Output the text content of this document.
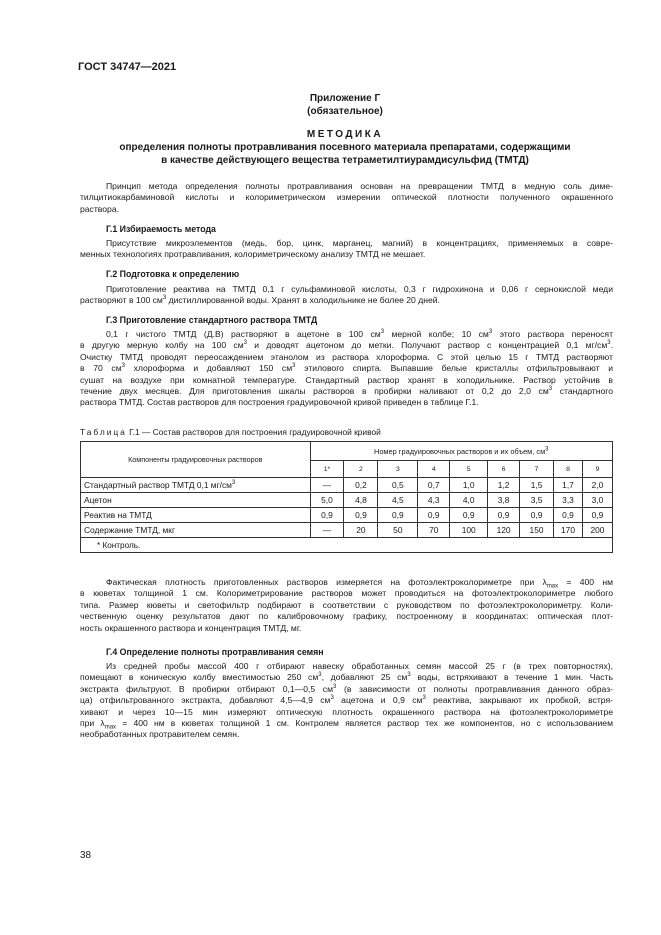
ГОСТ 34747—2021
Приложение Г
(обязательное)
МЕТОДИКА
определения полноты протравливания посевного материала препаратами, содержащими
в качестве действующего вещества тетраметилтиурамдисульфид (ТМТД)
Принцип метода определения полноты протравливания основан на превращении ТМТД в медную соль диме-
тилцитиокарбаминовой кислоты и колориметрическом измерении оптической плотности полученного окрашенного
раствора.
Г.1 Избираемость метода
Присутствие микроэлементов (медь, бор, цинк, марганец, магний) в концентрациях, применяемых в совре-
менных технологиях протравливания, колориметрическому анализу ТМТД не мешает.
Г.2 Подготовка к определению
Приготовление реактива на ТМТД 0,1 г сульфаминовой кислоты, 0,3 г гидрохинона и 0,06 г сернокислой меди
растворяют в 100 $см^3$ дистиллированной воды. Хранят в холодильнике не более 20 дней.
Г.3 Приготовление стандартного раствора ТМТД
0,1 г чистого ТМТД (Д.В) растворяют в ацетоне в 100 $см^3$ мерной колбе; 10 $см^3$ этого раствора переносят
в другую мерную колбу на 100 $см^3$ и доводят ацетоном до метки. Получают раствор с концентрацией 0,1 $мг/см^3$.
Очистку ТМТД проводят переосаждением этанолом из раствора хлороформа. С этой целью 15 г ТМТД растворяют
в 70 $см^3$ хлороформа и добавляют 150 $см^3$ этилового спирта. Выпавшие белые кристаллы отфильтровывают и
сушат на воздухе при комнатной температуре. Стандартный раствор хранят в холодильнике. Раствор устойчив в
течение двух месяцев. Для приготовления шкалы растворов в пробирки наливают от 0,2 до 2,0 $см^3$ стандартного
раствора ТМТД. Состав растворов для построения градуировочной кривой приведен в таблице Г.1.
Таблица Г.1 — Состав растворов для построения градуировочной кривой
Компоненты градуировочных растворов	Номер градуировочных растворов и их объем, $см^3$
	1*	2	3	4	5	6	7	8	9
Стандартный раствор ТМТД 0,1 $мг/см^3$	—	0,2	0,5	0,7	1,0	1,2	1,5	1,7	2,0
Ацетон	5,0	4,8	4,5	4,3	4,0	3,8	3,5	3,3	3,0
Реактив на ТМТД	0,9	0,9	0,9	0,9	0,9	0,9	0,9	0,9	0,9
Содержание ТМТД, мкг	—	20	50	70	100	120	150	170	200
* Контроль.									
Фактическая плотность приготовленных растворов измеряется на фотоэлектроколориметре при $\lambda_{max} = 400$ нм
в кюветах толщиной 1 см. Колориметрирование растворов может проводиться на фотоэлектроколориметре любого
типа. Размер кюветы и светофильтр подбирают в соответствии с руководством по фотоэлектроколориметру. Коли-
чественную оценку результатов дают по калибровочному графику, построенному в координатах: оптическая плот-
ность окрашенного раствора и концентрация ТМТД, мг.
Г.4 Определение полноты протравливания семян
Из средней пробы массой 400 г отбирают навеску обработанных семян массой 25 г (в трех повторностях),
помещают в коническую колбу вместимостью 250 $см^3$, добавляют 25 $см^3$ воды, встряхивают в течение 1 мин. Часть
экстракта фильтруют. В пробирки отбирают 0,1—0,5 $см^3$ (в зависимости от полноты протравливания данного образ-
ца) отфильтрованного экстракта, добавляют 4,5—4,9 $см^3$ ацетона и 0,9 $см^3$ реактива, закрывают их пробкой, встря-
хивают и через 10—15 мин измеряют оптическую плотность окрашенного раствора на фотоэлектроколориметре
при $\lambda_{max} = 400$ нм в кюветах толщиной 1 см. Контролем является раствор тех же компонентов, но с использованием
необработанных протравителем семян.
38
